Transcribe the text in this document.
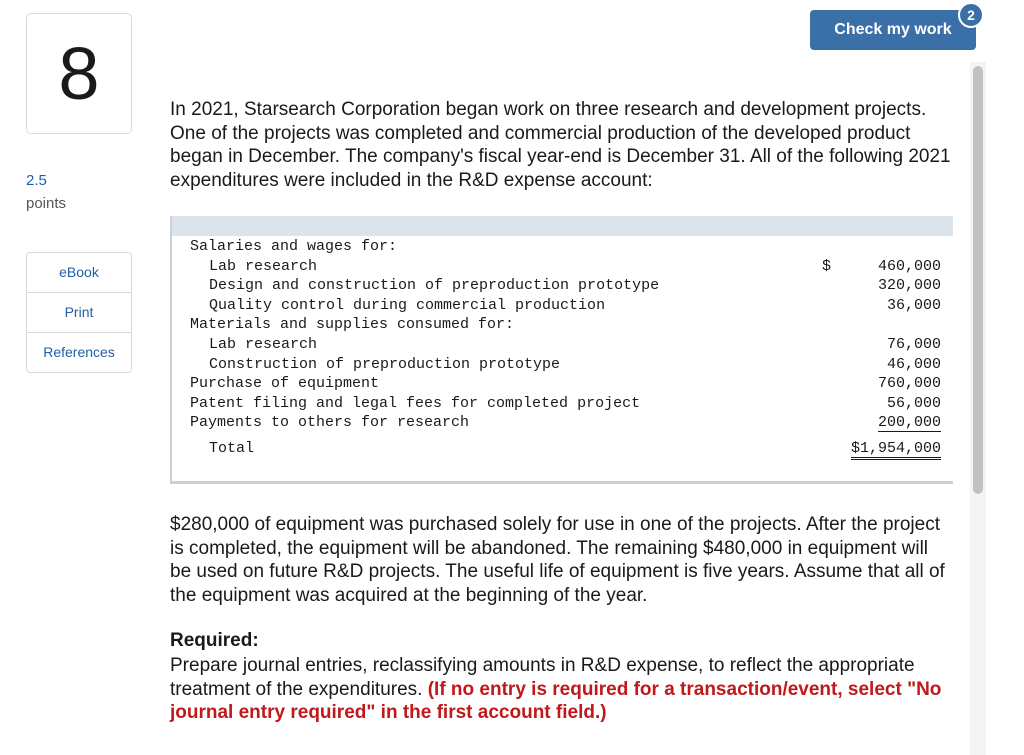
8
2.5
points
eBook
Print
References
Check my work
2
In 2021, Starsearch Corporation began work on three research and development projects. One of the projects was completed and commercial production of the developed product began in December. The company's fiscal year-end is December 31. All of the following 2021 expenditures were included in the R&D expense account:
Salaries and wages for:
Lab research	$	460,000
Design and construction of preproduction prototype	320,000
Quality control during commercial production	36,000
Materials and supplies consumed for:
Lab research	76,000
Construction of preproduction prototype	46,000
Purchase of equipment	760,000
Patent filing and legal fees for completed project	56,000
Payments to others for research	200,000
Total	$1,954,000
$280,000 of equipment was purchased solely for use in one of the projects. After the project is completed, the equipment will be abandoned. The remaining $480,000 in equipment will be used on future R&D projects. The useful life of equipment is five years. Assume that all of the equipment was acquired at the beginning of the year.
Required:
Prepare journal entries, reclassifying amounts in R&D expense, to reflect the appropriate treatment of the expenditures. (If no entry is required for a transaction/event, select "No journal entry required" in the first account field.)
